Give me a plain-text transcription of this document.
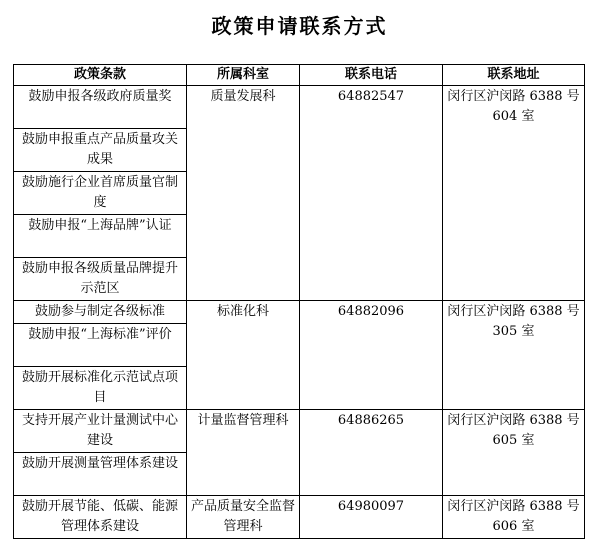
政策申请联系方式
政策条款	所属科室	联系电话	联系地址
鼓励申报各级政府质量奖	质量发展科	64882547	闵行区沪闵路 6388 号 604 室
鼓励申报重点产品质量攻关成果			
鼓励施行企业首席质量官制度			
鼓励申报“上海品牌”认证			
鼓励申报各级质量品牌提升示范区			
鼓励参与制定各级标准	标准化科	64882096	闵行区沪闵路 6388 号 305 室
鼓励申报“上海标准”评价			
鼓励开展标准化示范试点项目			
支持开展产业计量测试中心建设	计量监督管理科	64886265	闵行区沪闵路 6388 号 605 室
鼓励开展测量管理体系建设			
鼓励开展节能、低碳、能源管理体系建设	产品质量安全监督管理科	64980097	闵行区沪闵路 6388 号 606 室
